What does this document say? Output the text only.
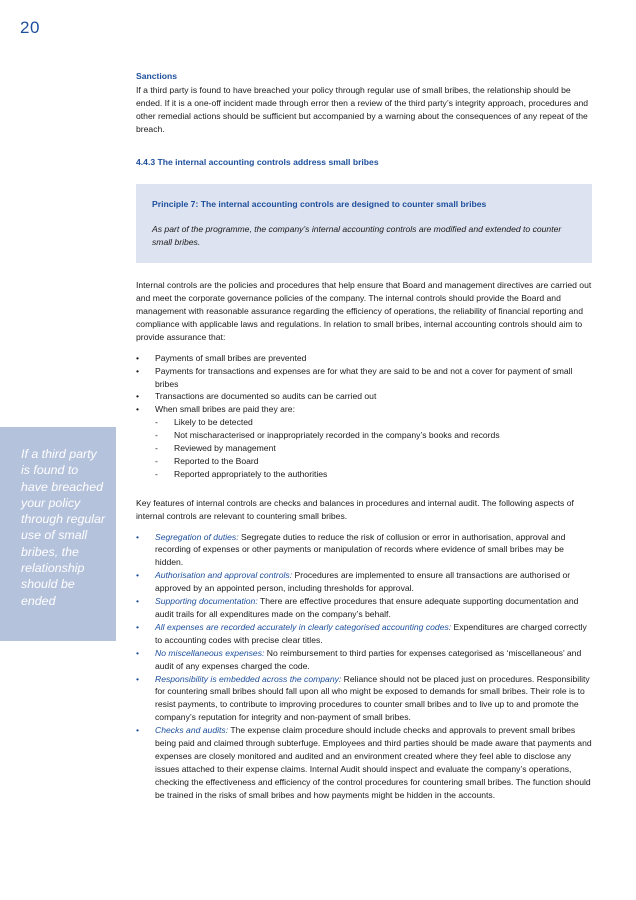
20
If a third party is found to have breached your policy through regular use of small bribes, the relationship should be ended

Sanctions

If a third party is found to have breached your policy through regular use of small bribes, the relationship should be ended. If it is a one-off incident made through error then a review of the third party’s integrity approach, procedures and other remedial actions should be sufficient but accompanied by a warning about the consequences of any repeat of the breach.

4.4.3 The internal accounting controls address small bribes

Principle 7: The internal accounting controls are designed to counter small bribes

As part of the programme, the company’s internal accounting controls are modified and extended to counter small bribes.

Internal controls are the policies and procedures that help ensure that Board and management directives are carried out and meet the corporate governance policies of the company. The internal controls should provide the Board and management with reasonable assurance regarding the efficiency of operations, the reliability of financial reporting and compliance with applicable laws and regulations. In relation to small bribes, internal accounting controls should aim to provide assurance that:

• Payments of small bribes are prevented
• Payments for transactions and expenses are for what they are said to be and not a cover for payment of small bribes
• Transactions are documented so audits can be carried out
• When small bribes are paid they are:
- Likely to be detected
- Not mischaracterised or inappropriately recorded in the company’s books and records
- Reviewed by management
- Reported to the Board
- Reported appropriately to the authorities

Key features of internal controls are checks and balances in procedures and internal audit. The following aspects of internal controls are relevant to countering small bribes.

• Segregation of duties: Segregate duties to reduce the risk of collusion or error in authorisation, approval and recording of expenses or other payments or manipulation of records where evidence of small bribes may be hidden.
• Authorisation and approval controls: Procedures are implemented to ensure all transactions are authorised or approved by an appointed person, including thresholds for approval.
• Supporting documentation: There are effective procedures that ensure adequate supporting documentation and audit trails for all expenditures made on the company’s behalf.
• All expenses are recorded accurately in clearly categorised accounting codes: Expenditures are charged correctly to accounting codes with precise clear titles.
• No miscellaneous expenses: No reimbursement to third parties for expenses categorised as ‘miscellaneous’ and audit of any expenses charged the code.
• Responsibility is embedded across the company: Reliance should not be placed just on procedures. Responsibility for countering small bribes should fall upon all who might be exposed to demands for small bribes. Their role is to resist payments, to contribute to improving procedures to counter small bribes and to live up to and promote the company’s reputation for integrity and non-payment of small bribes.
• Checks and audits: The expense claim procedure should include checks and approvals to prevent small bribes being paid and claimed through subterfuge. Employees and third parties should be made aware that payments and expenses are closely monitored and audited and an environment created where they feel able to disclose any issues attached to their expense claims. Internal Audit should inspect and evaluate the company’s operations, checking the effectiveness and efficiency of the control procedures for countering small bribes. The function should be trained in the risks of small bribes and how payments might be hidden in the accounts.
